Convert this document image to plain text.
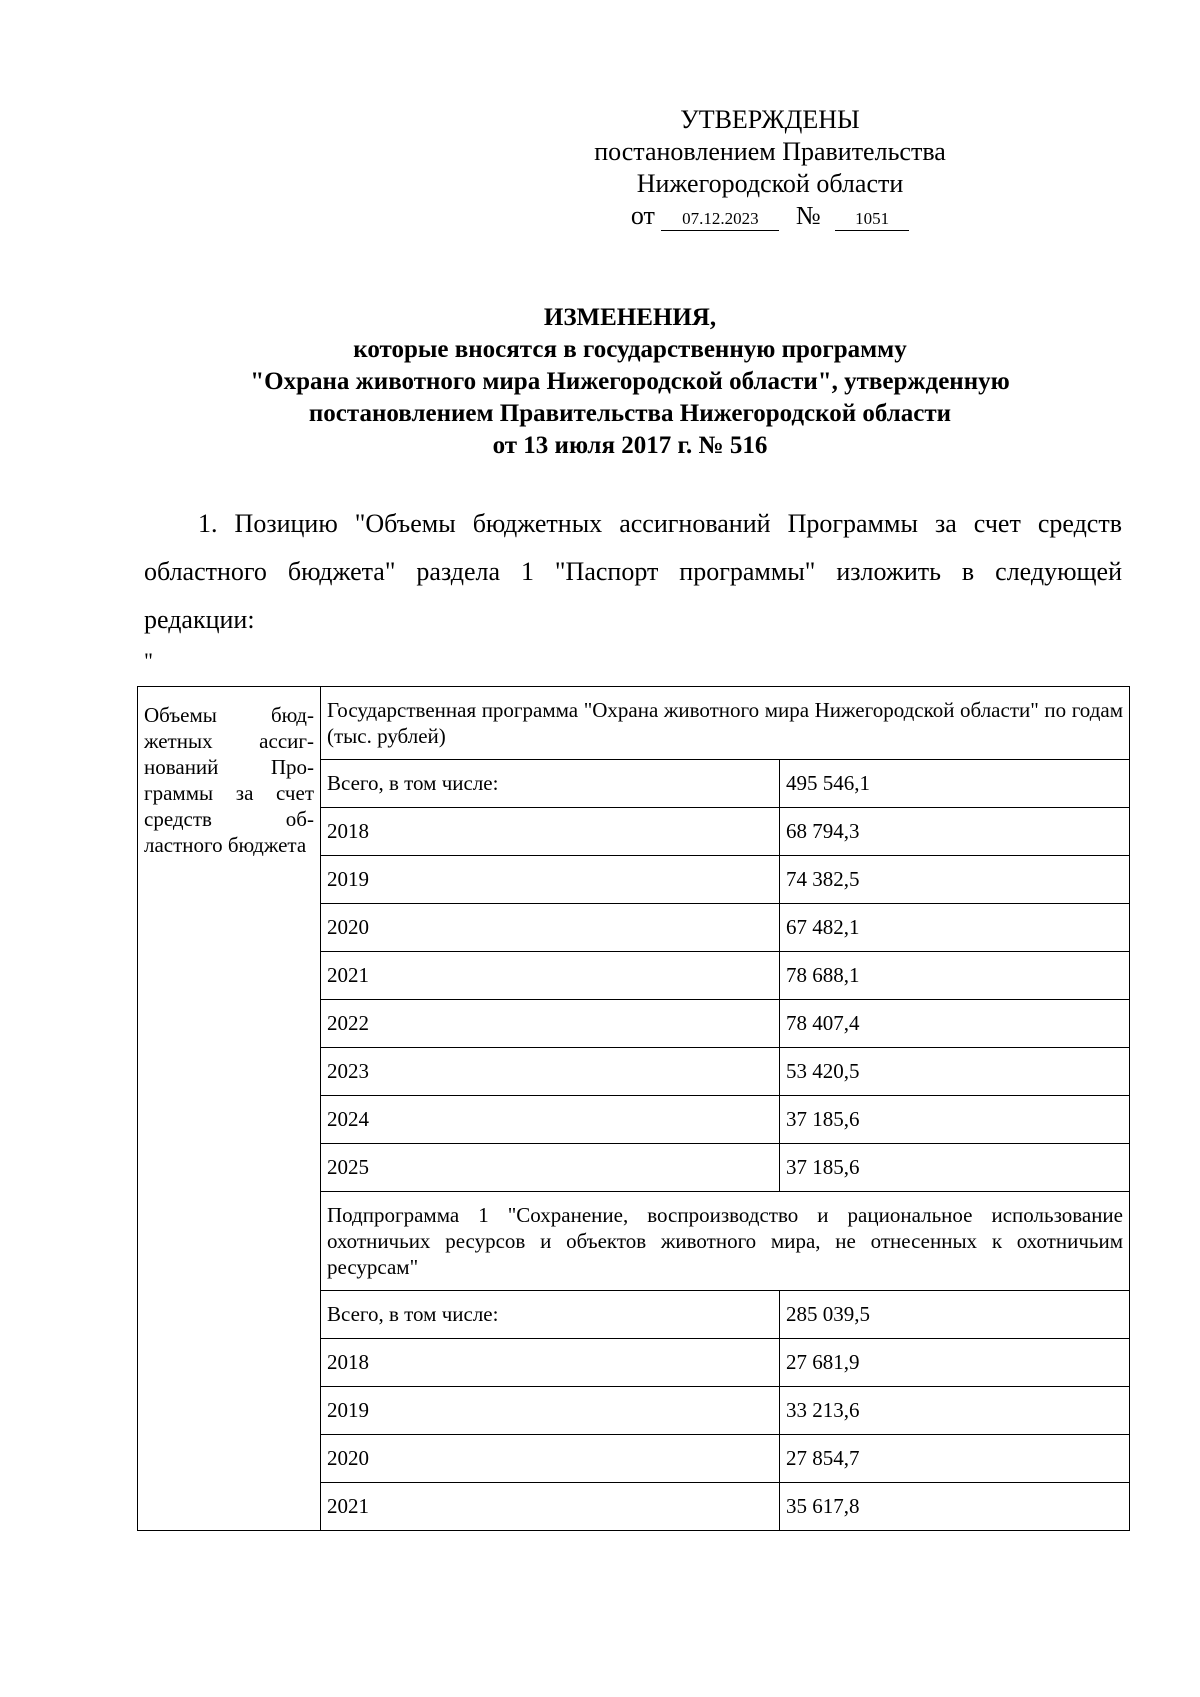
УТВЕРЖДЕНЫ
постановлением Правительства
Нижегородской области
от 07.12.2023 № 1051
ИЗМЕНЕНИЯ,
которые вносятся в государственную программу
"Охрана животного мира Нижегородской области", утвержденную
постановлением Правительства Нижегородской области
от 13 июля 2017 г. № 516
1. Позицию "Объемы бюджетных ассигнований Программы за счет средств областного бюджета" раздела 1 "Паспорт программы" изложить в следующей редакции:
"
Объемы бюджетных ассигнований Программы за счет средств областного бюджета	Государственная программа "Охрана животного мира Нижегородской области" по годам (тыс. рублей)	
	Всего, в том числе:	495 546,1
	2018	68 794,3
	2019	74 382,5
	2020	67 482,1
	2021	78 688,1
	2022	78 407,4
	2023	53 420,5
	2024	37 185,6
	2025	37 185,6
	Подпрограмма 1 "Сохранение, воспроизводство и рациональное использование охотничьих ресурсов и объектов животного мира, не отнесенных к охотничьим ресурсам"	
	Всего, в том числе:	285 039,5
	2018	27 681,9
	2019	33 213,6
	2020	27 854,7
	2021	35 617,8
